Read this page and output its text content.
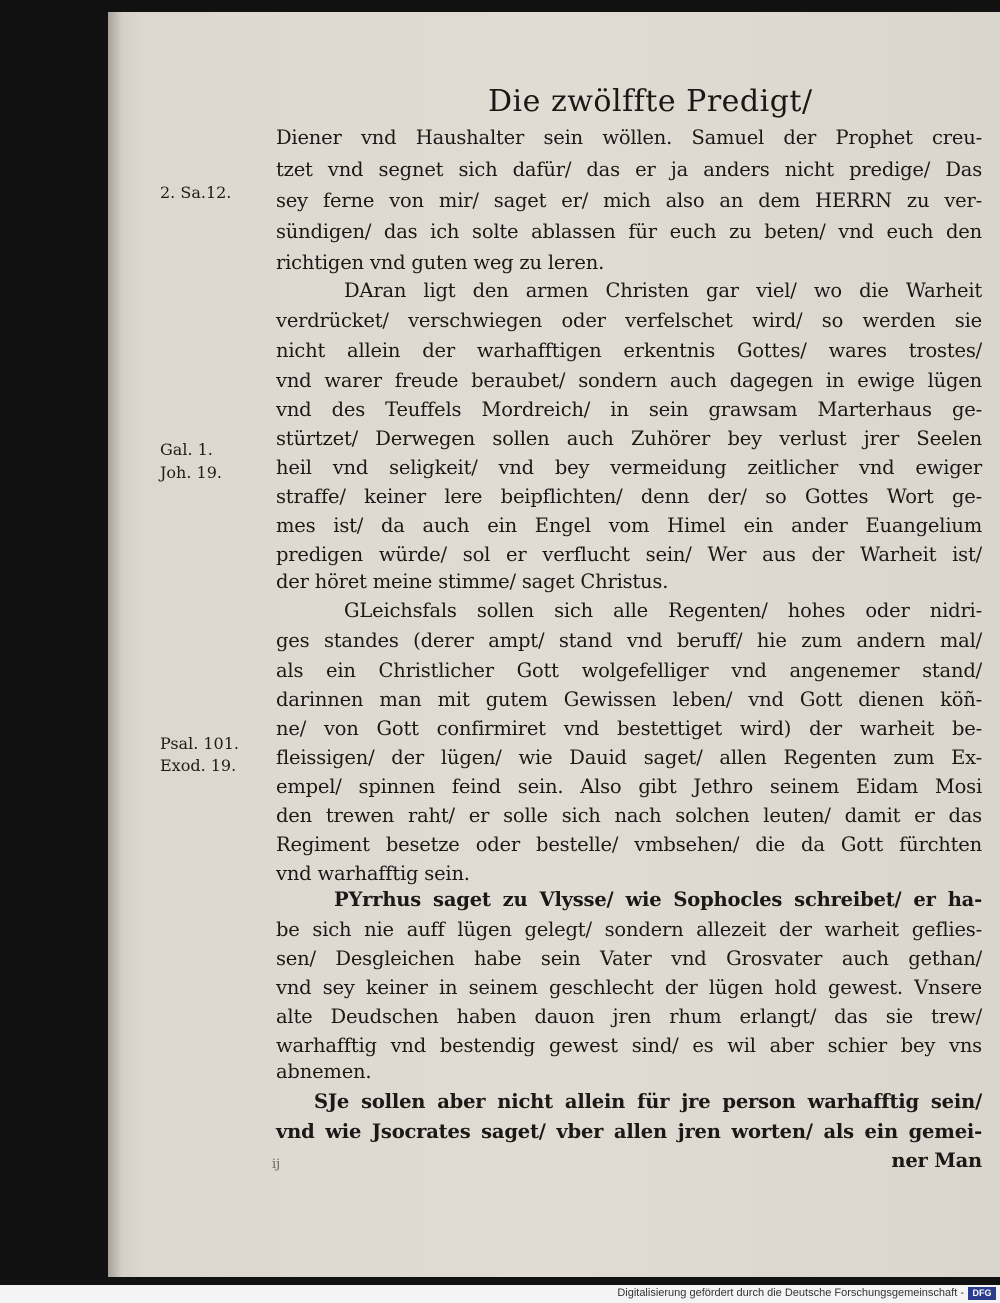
Die zwölffte Predigt/
2. Sa.12.
Gal. 1.
Joh. 19.
Psal. 101.
Exod. 19.
Diener vnd Haushalter sein wöllen. Samuel der Prophet creu-
tzet vnd segnet sich dafür/ das er ja anders nicht predige/ Das
sey ferne von mir/ saget er/ mich also an dem HERRN zu ver-
sündigen/ das ich solte ablassen für euch zu beten/ vnd euch den
richtigen vnd guten weg zu leren.
DAran ligt den armen Christen gar viel/ wo die Warheit
verdrücket/ verschwiegen oder verfelschet wird/ so werden sie
nicht allein der warhafftigen erkentnis Gottes/ wares trostes/
vnd warer freude beraubet/ sondern auch dagegen in ewige lügen
vnd des Teuffels Mordreich/ in sein grawsam Marterhaus ge-
stürtzet/ Derwegen sollen auch Zuhörer bey verlust jrer Seelen
heil vnd seligkeit/ vnd bey vermeidung zeitlicher vnd ewiger
straffe/ keiner lere beipflichten/ denn der/ so Gottes Wort ge-
mes ist/ da auch ein Engel vom Himel ein ander Euangelium
predigen würde/ sol er verflucht sein/ Wer aus der Warheit ist/
der höret meine stimme/ saget Christus.
GLeichsfals sollen sich alle Regenten/ hohes oder nidri-
ges standes (derer ampt/ stand vnd beruff/ hie zum andern mal/
als ein Christlicher Gott wolgefelliger vnd angenemer stand/
darinnen man mit gutem Gewissen leben/ vnd Gott dienen köñ-
ne/ von Gott confirmiret vnd bestettiget wird) der warheit be-
fleissigen/ der lügen/ wie Dauid saget/ allen Regenten zum Ex-
empel/ spinnen feind sein. Also gibt Jethro seinem Eidam Mosi
den trewen raht/ er solle sich nach solchen leuten/ damit er das
Regiment besetze oder bestelle/ vmbsehen/ die da Gott fürchten
vnd warhafftig sein.
PYrrhus saget zu Vlysse/ wie Sophocles schreibet/ er ha-
be sich nie auff lügen gelegt/ sondern allezeit der warheit geflies-
sen/ Desgleichen habe sein Vater vnd Grosvater auch gethan/
vnd sey keiner in seinem geschlecht der lügen hold gewest. Vnsere
alte Deudschen haben dauon jren rhum erlangt/ das sie trew/
warhafftig vnd bestendig gewest sind/ es wil aber schier bey vns
abnemen.
SJe sollen aber nicht allein für jre person warhafftig sein/
vnd wie Jsocrates saget/ vber allen jren worten/ als ein gemei-
ner Man
ij
Digitalisierung gefördert durch die Deutsche Forschungsgemeinschaft - DFG
